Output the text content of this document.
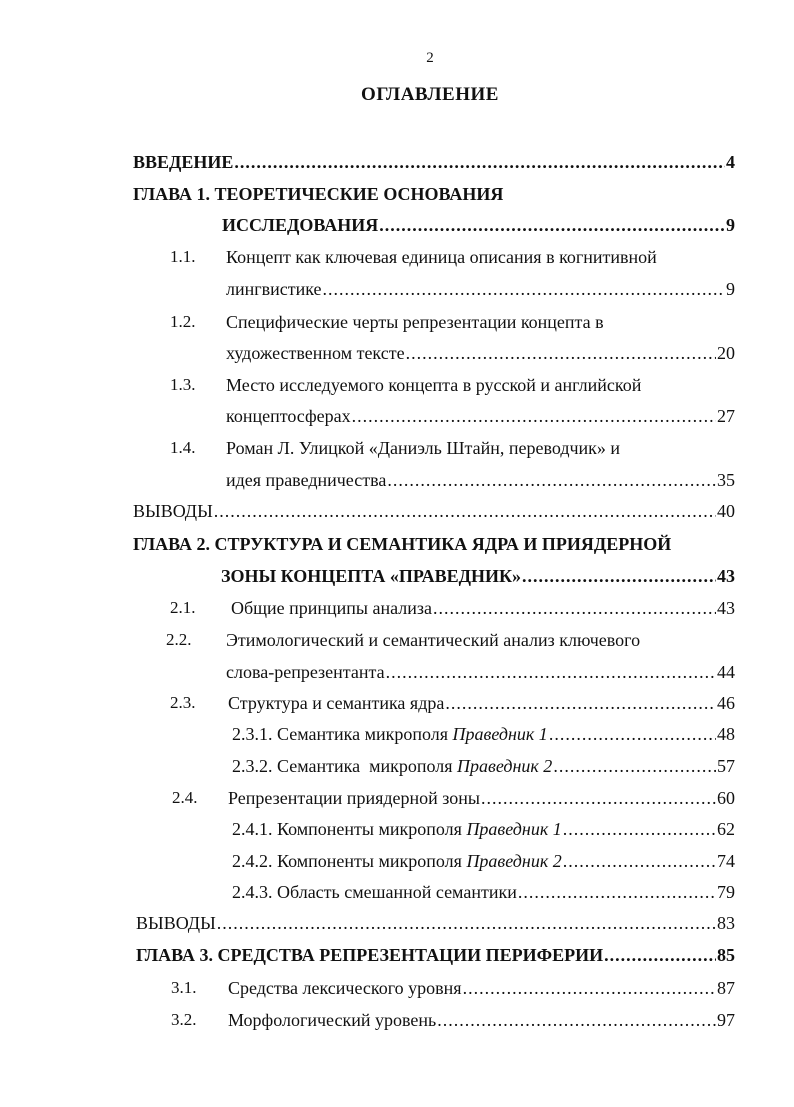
2
ОГЛАВЛЕНИЕ
ВВЕДЕНИЕ .....	4
ГЛАВА 1. ТЕОРЕТИЧЕСКИЕ ОСНОВАНИЯ
ИССЛЕДОВАНИЯ .....	9
1.1. Концепт как ключевая единица описания в когнитивной
лингвистике .....	9
1.2. Специфические черты репрезентации концепта в
художественном тексте .....	20
1.3. Место исследуемого концепта в русской и английской
концептосферах .....	27
1.4. Роман Л. Улицкой «Даниэль Штайн, переводчик» и
идея праведничества .....	35
ВЫВОДЫ .....	40
ГЛАВА 2. СТРУКТУРА И СЕМАНТИКА ЯДРА И ПРИЯДЕРНОЙ
ЗОНЫ КОНЦЕПТА «ПРАВЕДНИК» .....	43
2.1. Общие принципы анализа .....	43
2.2. Этимологический и семантический анализ ключевого
слова-репрезентанта .....	44
2.3. Структура и семантика ядра .....	46
2.3.1. Семантика микрополя Праведник 1 .....	48
2.3.2. Семантика  микрополя Праведник 2 .....	57
2.4. Репрезентации приядерной зоны .....	60
2.4.1. Компоненты микрополя Праведник 1 .....	62
2.4.2. Компоненты микрополя Праведник 2 .....	74
2.4.3. Область смешанной семантики .....	79
ВЫВОДЫ .....	83
ГЛАВА 3. СРЕДСТВА РЕПРЕЗЕНТАЦИИ ПЕРИФЕРИИ .....	85
3.1. Средства лексического уровня .....	87
3.2. Морфологический уровень .....	97
